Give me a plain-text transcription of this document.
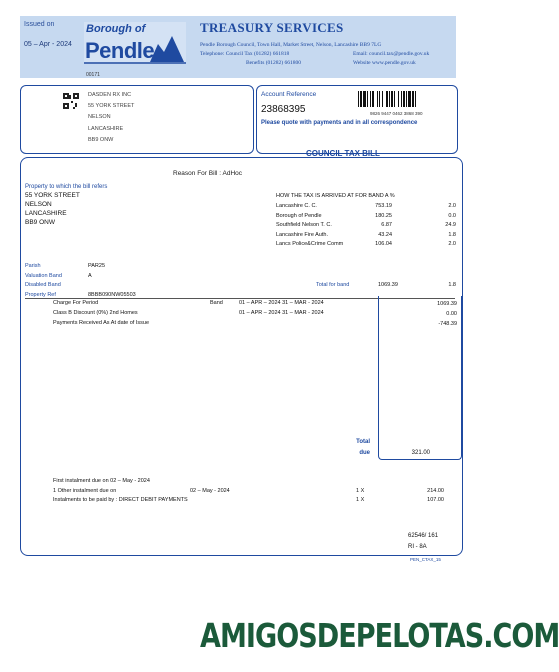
Issued on
05 – Apr - 2024
Borough of
Pendle
00171
TREASURY SERVICES
Pendle Borough Council, Town Hall, Market Street, Nelson, Lancashire BB9 7LG
Telephone: Council Tax (01282) 661818	Email: council.tax@pendle.gov.uk
Benefits (01282) 661800	Website www.pendle.gov.uk
DASDEN RX INC
55 YORK STREET
NELSON
LANCASHIRE
BB9 ONW
Account Reference
23868395	9826 9447 0462 3868 390
Please quote with payments and in all correspondence
COUNCIL TAX BILL
Reason For Bill : AdHoc
Property to which the bill refers
55 YORK STREET
NELSON
LANCASHIRE
BB9 ONW
HOW THE TAX IS ARRIVED AT FOR BAND A %
Lancashire C. C.	753.19	2.0
Borough of Pendle	180.25	0.0
Southfield Nelson T. C.	6.87	24.9
Lancashire Fire Auth.	43.24	1.8
Lancs Police&Crime Comm	106.04	2.0
Parish	PAR25
Valuation Band	A
Disabled Band
Property Ref	8BBB090NW05503
Total for band	1069.39	1.8
Charge For Period	Band	01 – APR – 2024 31 – MAR - 2024	1069.39
Class B Discount (0%) 2nd Homes	01 – APR – 2024 31 – MAR - 2024	0.00
Payments Received As At date of Issue	-748.39
Total
due	321.00
First instalment due on 02 – May - 2024
1 Other instalment due on	02 – May - 2024	1 X	214.00
Instalments to be paid by : DIRECT DEBIT PAYMENTS	1 X	107.00
62546/ 161
RI - 8A
PEN_CTAX_15
AMIGOSDEPELOTAS.COM
